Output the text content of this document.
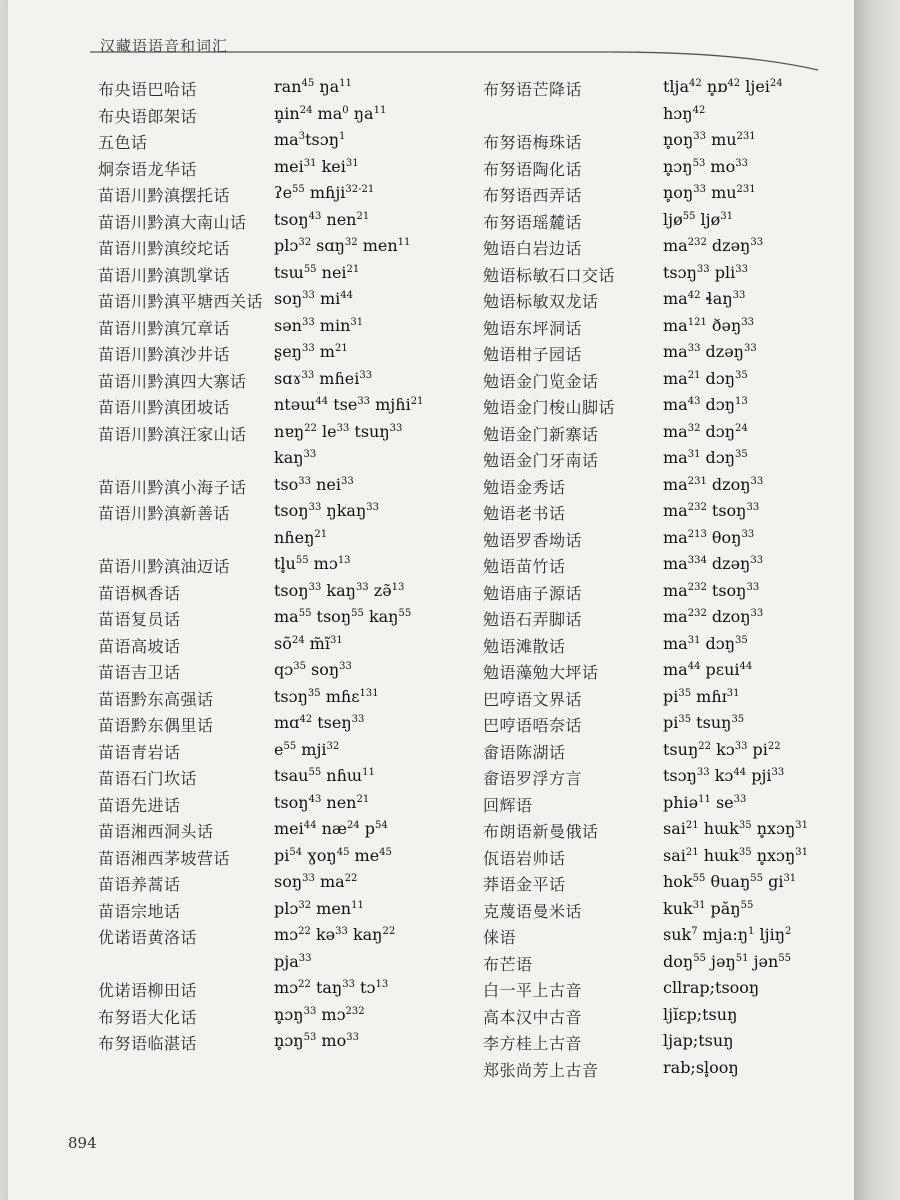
汉藏语语音和词汇
布央语巴哈话	ran$^{45}$ $ŋa^{11}$
布央语郎架话	$n̥in^{24}$ $ma^0$ $ŋa^{11}$
五色话	$ma^3tsɔŋ^1$
炯奈语龙华话	mei$^{31}$ kei$^{31}$
苗语川黔滇摆托话	ʔe$^{55}$ mɦji$^{32-21}$
苗语川黔滇大南山话 tsoŋ$^{43}$ nen$^{21}$
苗语川黔滇绞坨话	plɔ$^{32}$ sɑŋ$^{32}$ men$^{11}$
苗语川黔滇凯掌话	tsɯ$^{55}$ nei$^{21}$
苗语川黔滇平塘西关话 soŋ$^{33}$ $mi^{44}$
苗语川黔滇冗章话	sən$^{33}$ $\min^{31}$
苗语川黔滇沙井话	ʂeŋ$^{33}$ $m^{21}$
苗语川黔滇四大寨话 sɑɤ$^{33}$ mɦei$^{33}$
苗语川黔滇团坡话	ntəɯ$^{44}$ tse$^{33}$ mjɦi$^{21}$
苗语川黔滇汪家山话 nɐŋ$^{22}$ $le^{33}$ tsuŋ$^{33}$
kaŋ$^{33}$
苗语川黔滇小海子话 tso$^{33}$ nei$^{33}$
苗语川黔滇新善话	tsoŋ$^{33}$ ŋkaŋ$^{33}$
nɦeŋ$^{21}$
苗语川黔滇油迈话	$tl̥u^{55}$ mɔ$^{13}$
苗语枫香话	tsoŋ$^{33}$ kaŋ$^{33}$ zə̃$^{13}$
苗语复员话	$ma^{55}$ tsoŋ$^{55}$ kaŋ$^{55}$
苗语高坡话	$sõ^{24}$ $m̃ĩ^{31}$
苗语吉卫话	qɔ$^{35}$ soŋ$^{33}$
苗语黔东高强话	tsɔŋ$^{35}$ mɦɛ$^{131}$
苗语黔东偶里话	mɑ$^{42}$ tseŋ$^{33}$
苗语青岩话	$e^{55}$ mji$^{32}$
苗语石门坎话	tsau$^{55}$ nɦɯ$^{11}$
苗语先进话	tsoŋ$^{43}$ nen$^{21}$
苗语湘西洞头话	mei$^{44}$ $næ^{24}$ $p^{54}$
苗语湘西茅坡营话	$pi^{54}$ ɣoŋ$^{45}$ $me^{45}$
苗语养蒿话	soŋ$^{33}$ $ma^{22}$
苗语宗地话	plɔ$^{32}$ men$^{11}$
优诺语黄洛话	mɔ$^{22}$ kə$^{33}$ kaŋ$^{22}$
pja$^{33}$
优诺语柳田话	mɔ$^{22}$ taŋ$^{33}$ tɔ$^{13}$
布努语大化话	n̥ɔŋ$^{33}$ mɔ$^{232}$
布努语临湛话	n̥ɔŋ$^{53}$ $mo^{33}$
布努语芒降话	tlja$^{42}$ n̥ɒ$^{42}$ ljei$^{24}$
hɔŋ$^{42}$
布努语梅珠话	$n̥oŋ^{33}$ $mu^{231}$
布努语陶化话	n̥ɔŋ$^{53}$ $mo^{33}$
布努语西弄话	$n̥oŋ^{33}$ $mu^{231}$
布努语瑶麓话	ljø$^{55}$ ljø$^{31}$
勉语白岩边话	$ma^{232}$ dzəŋ$^{33}$
勉语标敏石口交话	tsɔŋ$^{33}$ pli$^{33}$
勉语标敏双龙话	$ma^{42}$ ɬaŋ$^{33}$
勉语东坪洞话	$ma^{121}$ ðəŋ$^{33}$
勉语柑子园话	$ma^{33}$ dzəŋ$^{33}$
勉语金门览金话	$ma^{21}$ dɔŋ$^{35}$
勉语金门梭山脚话	$ma^{43}$ dɔŋ$^{13}$
勉语金门新寨话	$ma^{32}$ dɔŋ$^{24}$
勉语金门牙南话	$ma^{31}$ dɔŋ$^{35}$
勉语金秀话	$ma^{231}$ dzoŋ$^{33}$
勉语老书话	$ma^{232}$ tsoŋ$^{33}$
勉语罗香坳话	$ma^{213}$ θoŋ$^{33}$
勉语苗竹话	$ma^{334}$ dzəŋ$^{33}$
勉语庙子源话	$ma^{232}$ tsoŋ$^{33}$
勉语石弄脚话	$ma^{232}$ dzoŋ$^{33}$
勉语滩散话	$ma^{31}$ dɔŋ$^{35}$
勉语藻勉大坪话	$ma^{44}$ pɛui$^{44}$
巴哼语文界话	$pi^{35}$ mɦɪ$^{31}$
巴哼语唔奈话	$pi^{35}$ tsuŋ$^{35}$
畲语陈湖话	tsuŋ$^{22}$ kɔ$^{33}$ $pi^{22}$
畲语罗浮方言	tsɔŋ$^{33}$ kɔ$^{44}$ pji$^{33}$
回辉语	phiə$^{11}$ $se^{33}$
布朗语新曼俄话	sai$^{21}$ hɯk$^{35}$ n̥xɔŋ$^{31}$
佤语岩帅话	sai$^{21}$ hɯk$^{35}$ n̥xɔŋ$^{31}$
莽语金平话	hok$^{55}$ θuaŋ$^{55}$ $gi^{31}$
克蔑语曼米话	kuk$^{31}$ păŋ$^{55}$
俫语	suk$^7$ $mja:ŋ^1$ ljiŋ$^2$
布芒语	doŋ$^{55}$ jəŋ$^{51}$ jən$^{55}$
白一平上古音	cllrap;tsooŋ
高本汉中古音	ljĭɛp;tsuŋ
李方桂上古音	ljap;tsuŋ
郑张尚芳上古音	rab;sl̥ooŋ
894
